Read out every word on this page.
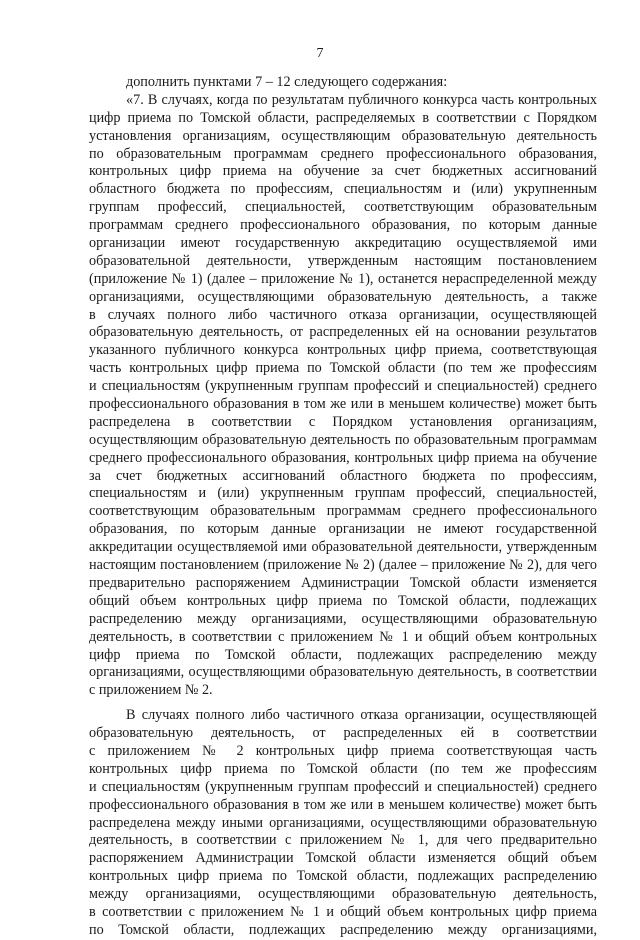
7
дополнить пунктами 7 – 12 следующего содержания:
«7. В случаях, когда по результатам публичного конкурса часть контрольных
цифр приема по Томской области, распределяемых в соответствии с Порядком
установления организациям, осуществляющим образовательную деятельность
по образовательным программам среднего профессионального образования,
контрольных цифр приема на обучение за счет бюджетных ассигнований
областного бюджета по профессиям, специальностям и (или) укрупненным
группам профессий, специальностей, соответствующим образовательным
программам среднего профессионального образования, по которым данные
организации имеют государственную аккредитацию осуществляемой ими
образовательной деятельности, утвержденным настоящим постановлением
(приложение № 1) (далее – приложение № 1), останется нераспределенной между
организациями, осуществляющими образовательную деятельность, а также
в случаях полного либо частичного отказа организации, осуществляющей
образовательную деятельность, от распределенных ей на основании результатов
указанного публичного конкурса контрольных цифр приема, соответствующая
часть контрольных цифр приема по Томской области (по тем же профессиям
и специальностям (укрупненным группам профессий и специальностей) среднего
профессионального образования в том же или в меньшем количестве) может быть
распределена в соответствии с Порядком установления организациям,
осуществляющим образовательную деятельность по образовательным программам
среднего профессионального образования, контрольных цифр приема на обучение
за счет бюджетных ассигнований областного бюджета по профессиям,
специальностям и (или) укрупненным группам профессий, специальностей,
соответствующим образовательным программам среднего профессионального
образования, по которым данные организации не имеют государственной
аккредитации осуществляемой ими образовательной деятельности, утвержденным
настоящим постановлением (приложение № 2) (далее – приложение № 2), для чего
предварительно распоряжением Администрации Томской области изменяется
общий объем контрольных цифр приема по Томской области, подлежащих
распределению между организациями, осуществляющими образовательную
деятельность, в соответствии с приложением № 1 и общий объем контрольных
цифр приема по Томской области, подлежащих распределению между
организациями, осуществляющими образовательную деятельность, в соответствии
с приложением № 2.
В случаях полного либо частичного отказа организации, осуществляющей
образовательную деятельность, от распределенных ей в соответствии
с приложением № 2 контрольных цифр приема соответствующая часть
контрольных цифр приема по Томской области (по тем же профессиям
и специальностям (укрупненным группам профессий и специальностей) среднего
профессионального образования в том же или в меньшем количестве) может быть
распределена между иными организациями, осуществляющими образовательную
деятельность, в соответствии с приложением № 1, для чего предварительно
распоряжением Администрации Томской области изменяется общий объем
контрольных цифр приема по Томской области, подлежащих распределению
между организациями, осуществляющими образовательную деятельность,
в соответствии с приложением № 1 и общий объем контрольных цифр приема
по Томской области, подлежащих распределению между организациями,
